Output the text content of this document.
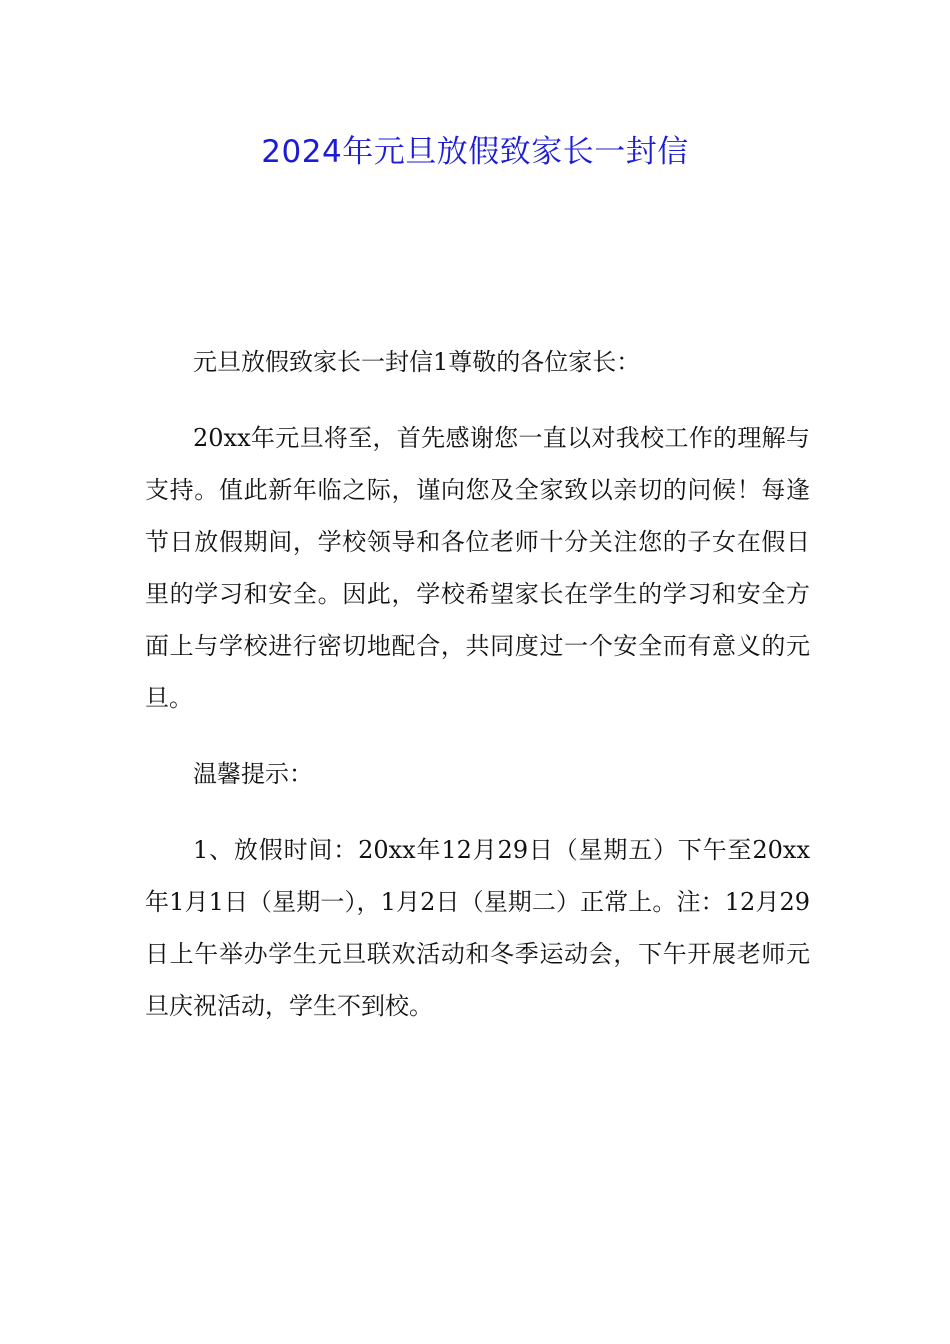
2024年元旦放假致家长一封信

元旦放假致家长一封信1尊敬的各位家长：

20xx年元旦将至，首先感谢您一直以对我校工作的理解与支持。值此新年临之际，谨向您及全家致以亲切的问候！每逢节日放假期间，学校领导和各位老师十分关注您的子女在假日里的学习和安全。因此，学校希望家长在学生的学习和安全方面上与学校进行密切地配合，共同度过一个安全而有意义的元旦。

温馨提示：

1、放假时间：20xx年12月29日（星期五）下午至20xx年1月1日（星期一），1月2日（星期二）正常上。注：12月29日上午举办学生元旦联欢活动和冬季运动会，下午开展老师元旦庆祝活动，学生不到校。
